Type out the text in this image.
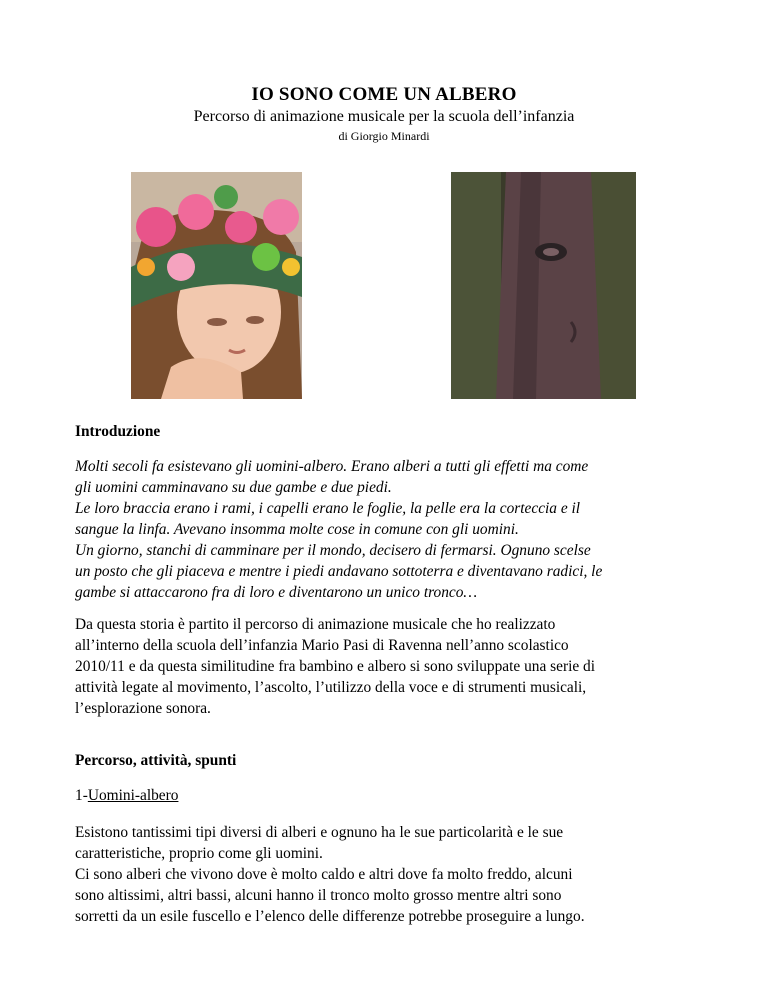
IO SONO COME UN ALBERO
Percorso di animazione musicale per la scuola dell’infanzia
di Giorgio Minardi
Introduzione

Molti secoli fa esistevano gli uomini-albero. Erano alberi a tutti gli effetti ma come

gli uomini camminavano su due gambe e due piedi.

Le loro braccia erano i rami, i capelli erano le foglie, la pelle era la corteccia e il

sangue la linfa. Avevano insomma molte cose in comune con gli uomini.

Un giorno, stanchi di camminare per il mondo, decisero di fermarsi. Ognuno scelse

un posto che gli piaceva e mentre i piedi andavano sottoterra e diventavano radici, le

gambe si attaccarono fra di loro e diventarono un unico tronco…

Da questa storia è partito il percorso di animazione musicale che ho realizzato

all’interno della scuola dell’infanzia Mario Pasi di Ravenna nell’anno scolastico

2010/11 e da questa similitudine fra bambino e albero si sono sviluppate una serie di

attività legate al movimento, l’ascolto, l’utilizzo della voce e di strumenti musicali,

l’esplorazione sonora.

Percorso, attività, spunti
1-Uomini-albero

Esistono tantissimi tipi diversi di alberi e ognuno ha le sue particolarità e le sue

caratteristiche, proprio come gli uomini.

Ci sono alberi che vivono dove è molto caldo e altri dove fa molto freddo, alcuni

sono altissimi, altri bassi, alcuni hanno il tronco molto grosso mentre altri sono

sorretti da un esile fuscello e l’elenco delle differenze potrebbe proseguire a lungo.
